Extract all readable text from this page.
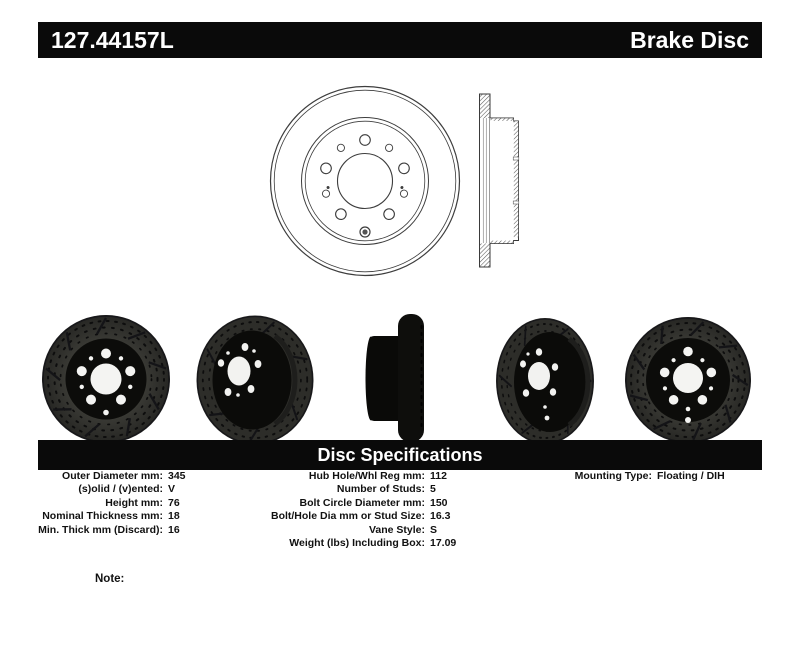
127.44157L	Brake Disc
Disc Specifications
Outer Diameter mm: 345
(s)olid / (v)ented: V
Height mm: 76
Nominal Thickness mm: 18
Min. Thick mm (Discard): 16
Hub Hole/Whl Reg mm: 112
Number of Studs: 5
Bolt Circle Diameter mm: 150
Bolt/Hole Dia mm or Stud Size: 16.3
Vane Style: S
Weight (lbs) Including Box: 17.09
Mounting Type: Floating / DIH
Note:
